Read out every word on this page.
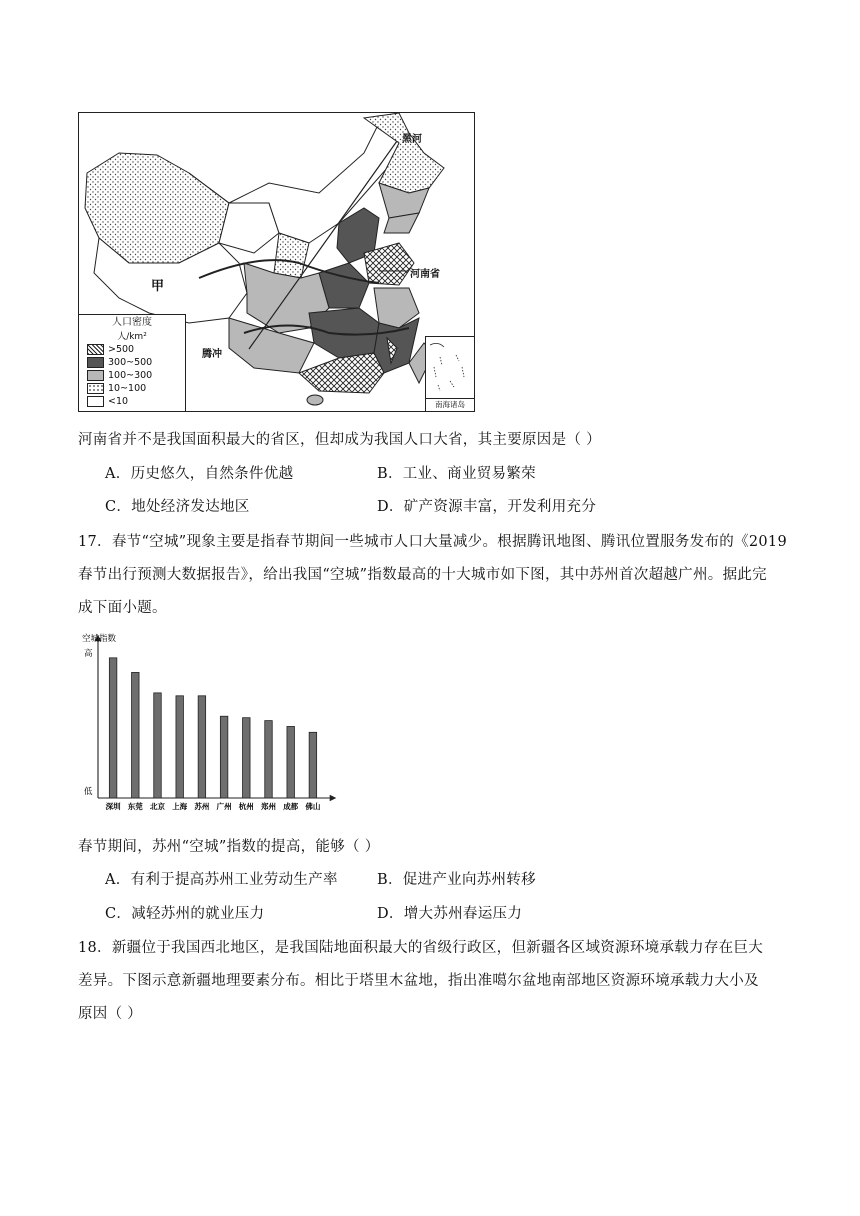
黑河
河南省
甲
腾冲
人口密度
人/km²
>500
300~500
100~300
10~100
<10	南海诸岛
河南省并不是我国面积最大的省区，但却成为我国人口大省，其主要原因是（ ）
A．历史悠久，自然条件优越	B．工业、商业贸易繁荣
C．地处经济发达地区	D．矿产资源丰富，开发利用充分
17．春节“空城”现象主要是指春节期间一些城市人口大量减少。根据腾讯地图、腾讯位置服务发布的《2019
春节出行预测大数据报告》，给出我国“空城”指数最高的十大城市如下图，其中苏州首次超越广州。据此完
成下面小题。
空城指数
高
低
深圳 东莞 北京 上海 苏州 广州 杭州 郑州 成都 佛山
春节期间，苏州“空城”指数的提高，能够（ ）
A．有利于提高苏州工业劳动生产率	B．促进产业向苏州转移
C．减轻苏州的就业压力	D．增大苏州春运压力
18．新疆位于我国西北地区，是我国陆地面积最大的省级行政区，但新疆各区域资源环境承载力存在巨大
差异。下图示意新疆地理要素分布。相比于塔里木盆地，指出准噶尔盆地南部地区资源环境承载力大小及
原因（ ）
